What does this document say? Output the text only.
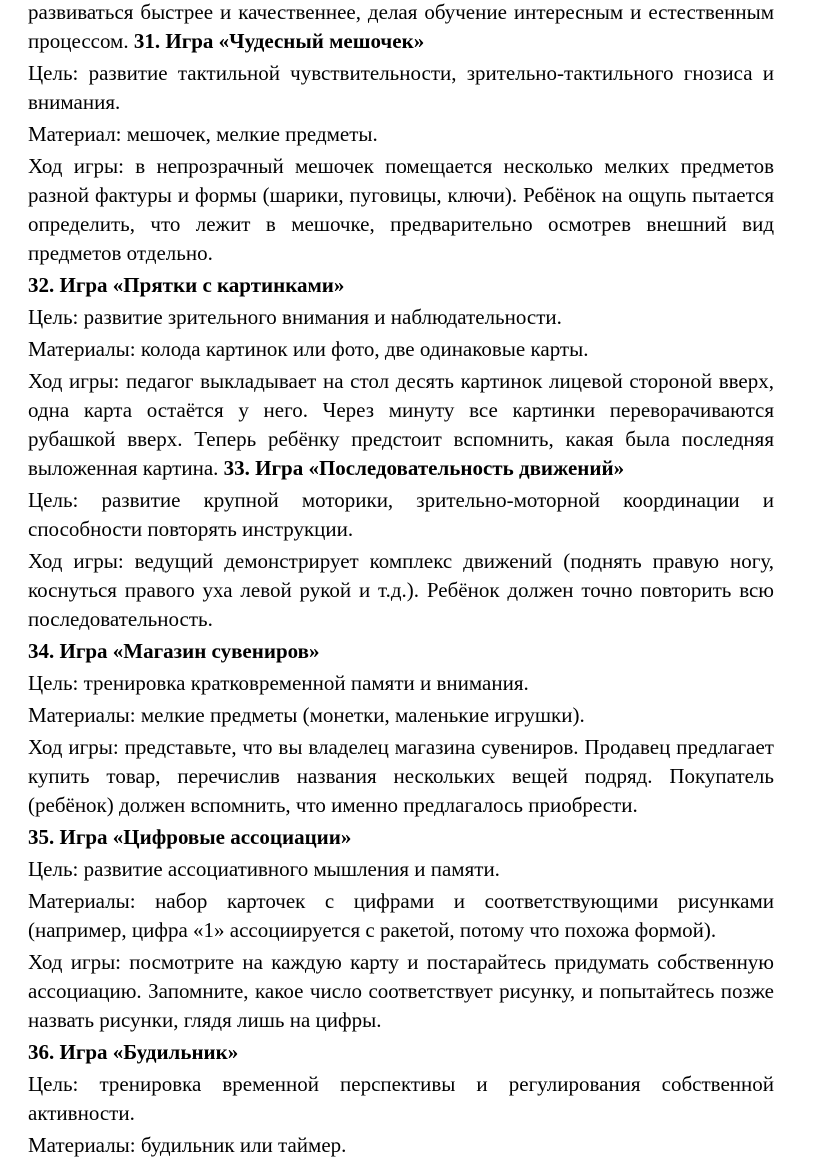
развиваться быстрее и качественнее, делая обучение интересным и естественным процессом. 31. Игра «Чудесный мешочек»

Цель: развитие тактильной чувствительности, зрительно-тактильного гнозиса и внимания.

Материал: мешочек, мелкие предметы.

Ход игры: в непрозрачный мешочек помещается несколько мелких предметов разной фактуры и формы (шарики, пуговицы, ключи). Ребёнок на ощупь пытается определить, что лежит в мешочке, предварительно осмотрев внешний вид предметов отдельно.

32. Игра «Прятки с картинками»

Цель: развитие зрительного внимания и наблюдательности.

Материалы: колода картинок или фото, две одинаковые карты.

Ход игры: педагог выкладывает на стол десять картинок лицевой стороной вверх, одна карта остаётся у него. Через минуту все картинки переворачиваются рубашкой вверх. Теперь ребёнку предстоит вспомнить, какая была последняя выложенная картина. 33. Игра «Последовательность движений»

Цель: развитие крупной моторики, зрительно-моторной координации и способности повторять инструкции.

Ход игры: ведущий демонстрирует комплекс движений (поднять правую ногу, коснуться правого уха левой рукой и т.д.). Ребёнок должен точно повторить всю последовательность.

34. Игра «Магазин сувениров»

Цель: тренировка кратковременной памяти и внимания.

Материалы: мелкие предметы (монетки, маленькие игрушки).

Ход игры: представьте, что вы владелец магазина сувениров. Продавец предлагает купить товар, перечислив названия нескольких вещей подряд. Покупатель (ребёнок) должен вспомнить, что именно предлагалось приобрести.

35. Игра «Цифровые ассоциации»

Цель: развитие ассоциативного мышления и памяти.

Материалы: набор карточек с цифрами и соответствующими рисунками (например, цифра «1» ассоциируется с ракетой, потому что похожа формой).

Ход игры: посмотрите на каждую карту и постарайтесь придумать собственную ассоциацию. Запомните, какое число соответствует рисунку, и попытайтесь позже назвать рисунки, глядя лишь на цифры.

36. Игра «Будильник»

Цель: тренировка временной перспективы и регулирования собственной активности.

Материалы: будильник или таймер.
